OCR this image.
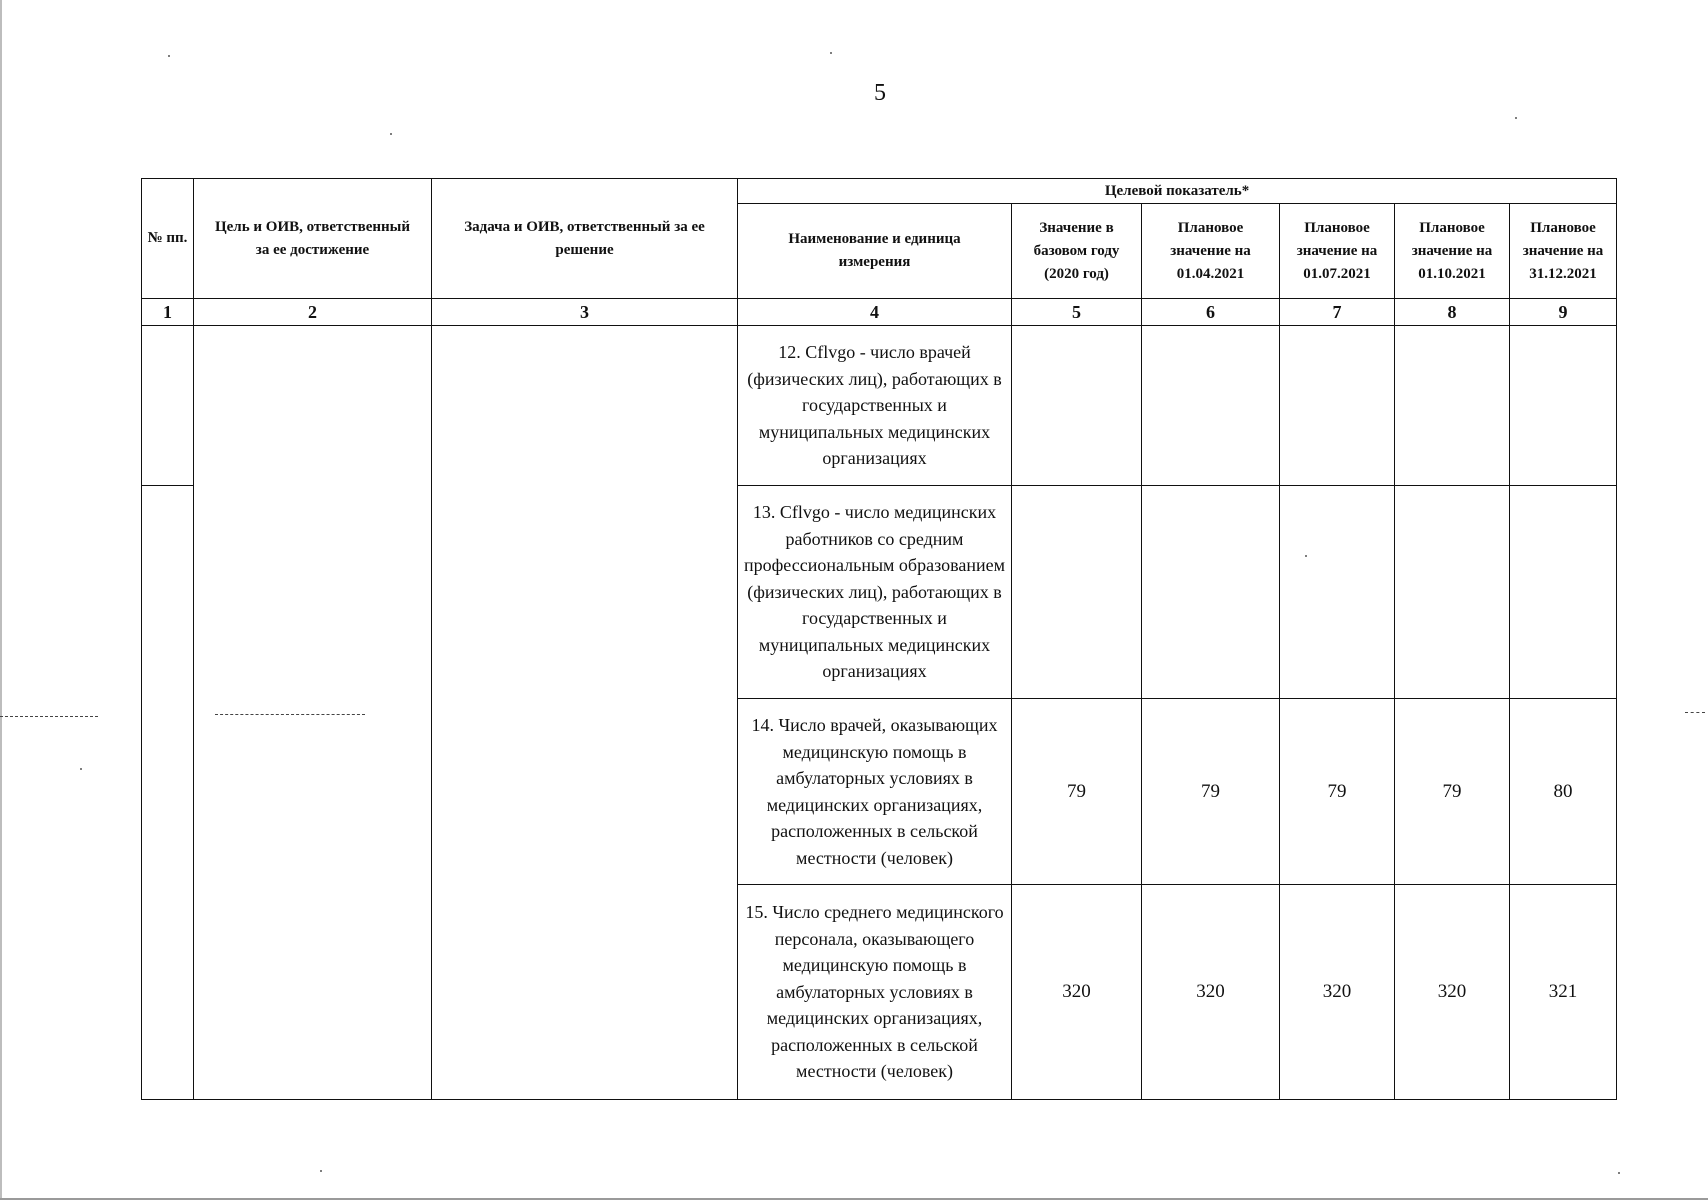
5
№ пп.	Цель и ОИВ, ответственный за ее достижение	Задача и ОИВ, ответственный за ее решение	Целевой показатель*					
			Наименование и единица измерения	Значение в базовом году (2020 год)	Плановое значение на 01.04.2021	Плановое значение на 01.07.2021	Плановое значение на 01.10.2021	Плановое значение на 31.12.2021
1	2	3	4	5	6	7	8	9
			12. Cflvgo - число врачей (физических лиц), работающих в государственных и муниципальных медицинских организациях					
			13. Cflvgo - число медицинских работников со средним профессиональным образованием (физических лиц), работающих в государственных и муниципальных медицинских организациях					
			14. Число врачей, оказывающих медицинскую помощь в амбулаторных условиях в медицинских организациях, расположенных в сельской местности (человек)	79	79	79	79	80
			15. Число среднего медицинского персонала, оказывающего медицинскую помощь в амбулаторных условиях в медицинских организациях, расположенных в сельской местности (человек)	320	320	320	320	321
